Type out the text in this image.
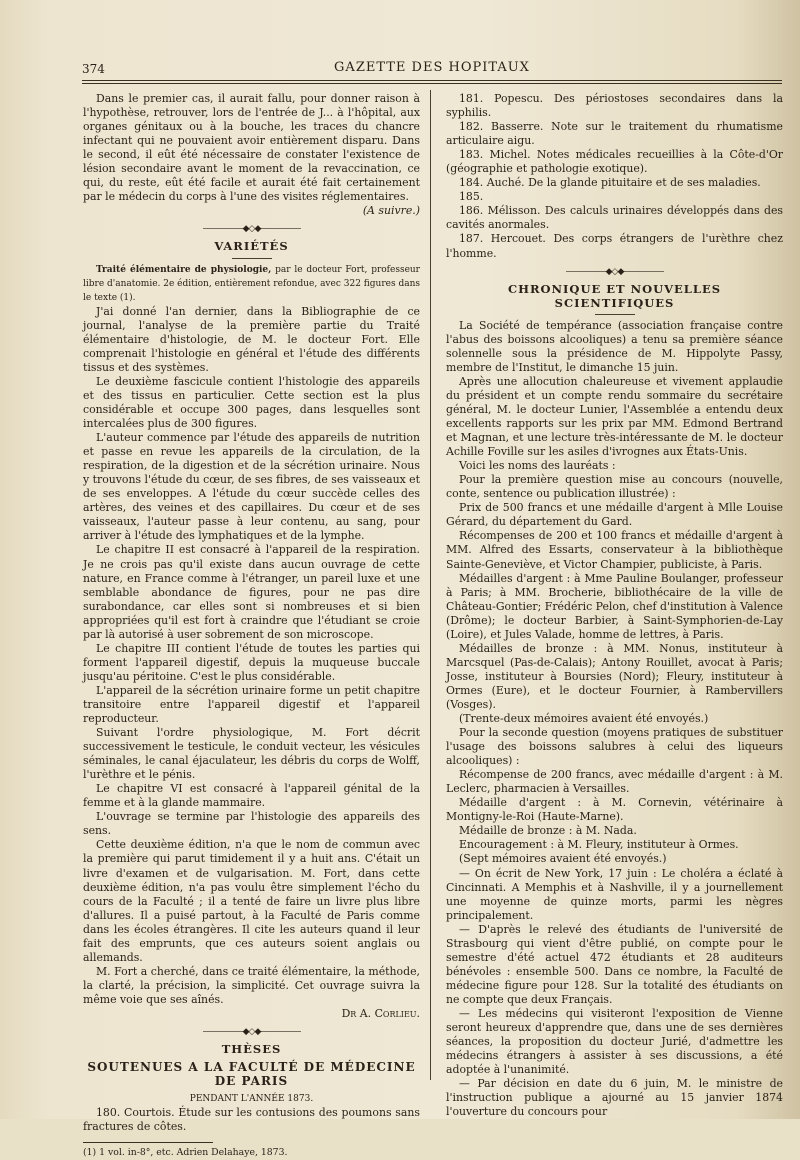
374	GAZETTE DES HOPITAUX

Dans le premier cas, il aurait fallu, pour donner raison à l'hypothèse, retrouver, lors de l'entrée de J... à l'hôpital, aux organes génitaux ou à la bouche, les traces du chancre infectant qui ne pouvaient avoir entièrement disparu. Dans le second, il eût été nécessaire de constater l'existence de lésion secondaire avant le moment de la revaccination, ce qui, du reste, eût été facile et aurait été fait certainement par le médecin du corps à l'une des visites réglementaires.

(A suivre.)

—————◆◇◆—————
VARIÉTÉS

Traité élémentaire de physiologie, par le docteur Fort, professeur libre d'anatomie. 2e édition, entièrement refondue, avec 322 figures dans le texte (1).

J'ai donné l'an dernier, dans la Bibliographie de ce journal, l'analyse de la première partie du Traité élémentaire d'histologie, de M. le docteur Fort. Elle comprenait l'histologie en général et l'étude des différents tissus et des systèmes.

Le deuxième fascicule contient l'histologie des appareils et des tissus en particulier. Cette section est la plus considérable et occupe 300 pages, dans lesquelles sont intercalées plus de 300 figures.

L'auteur commence par l'étude des appareils de nutrition et passe en revue les appareils de la circulation, de la respiration, de la digestion et de la sécrétion urinaire. Nous y trouvons l'étude du cœur, de ses fibres, de ses vaisseaux et de ses enveloppes. A l'étude du cœur succède celles des artères, des veines et des capillaires. Du cœur et de ses vaisseaux, l'auteur passe à leur contenu, au sang, pour arriver à l'étude des lymphatiques et de la lymphe.

Le chapitre II est consacré à l'appareil de la respiration. Je ne crois pas qu'il existe dans aucun ouvrage de cette nature, en France comme à l'étranger, un pareil luxe et une semblable abondance de figures, pour ne pas dire surabondance, car elles sont si nombreuses et si bien appropriées qu'il est fort à craindre que l'étudiant se croie par là autorisé à user sobrement de son microscope.

Le chapitre III contient l'étude de toutes les parties qui forment l'appareil digestif, depuis la muqueuse buccale jusqu'au péritoine. C'est le plus considérable.

L'appareil de la sécrétion urinaire forme un petit chapitre transitoire entre l'appareil digestif et l'appareil reproducteur.

Suivant l'ordre physiologique, M. Fort décrit successivement le testicule, le conduit vecteur, les vésicules séminales, le canal éjaculateur, les débris du corps de Wolff, l'urèthre et le pénis.

Le chapitre VI est consacré à l'appareil génital de la femme et à la glande mammaire.

L'ouvrage se termine par l'histologie des appareils des sens.

Cette deuxième édition, n'a que le nom de commun avec la première qui parut timidement il y a huit ans. C'était un livre d'examen et de vulgarisation. M. Fort, dans cette deuxième édition, n'a pas voulu être simplement l'écho du cours de la Faculté ; il a tenté de faire un livre plus libre d'allures. Il a puisé partout, à la Faculté de Paris comme dans les écoles étrangères. Il cite les auteurs quand il leur fait des emprunts, que ces auteurs soient anglais ou allemands.

M. Fort a cherché, dans ce traité élémentaire, la méthode, la clarté, la précision, la simplicité. Cet ouvrage suivra la même voie que ses aînés.

Dr A. Corlieu.

—————◆◇◆—————
THÈSES
SOUTENUES A LA FACULTÉ DE MÉDECINE DE PARIS

PENDANT L'ANNÉE 1873.

180. Courtois. Étude sur les contusions des poumons sans fractures de côtes.

(1) 1 vol. in-8°, etc. Adrien Delahaye, 1873.

181. Popescu. Des périostoses secondaires dans la syphilis.

182. Basserre. Note sur le traitement du rhumatisme articulaire aigu.

183. Michel. Notes médicales recueillies à la Côte-d'Or (géographie et pathologie exotique).

184. Auché. De la glande pituitaire et de ses maladies.

185.

186. Mélisson. Des calculs urinaires développés dans des cavités anormales.

187. Hercouet. Des corps étrangers de l'urèthre chez l'homme.

—————◆◇◆—————
CHRONIQUE ET NOUVELLES SCIENTIFIQUES

La Société de tempérance (association française contre l'abus des boissons alcooliques) a tenu sa première séance solennelle sous la présidence de M. Hippolyte Passy, membre de l'Institut, le dimanche 15 juin.

Après une allocution chaleureuse et vivement applaudie du président et un compte rendu sommaire du secrétaire général, M. le docteur Lunier, l'Assemblée a entendu deux excellents rapports sur les prix par MM. Edmond Bertrand et Magnan, et une lecture très-intéressante de M. le docteur Achille Foville sur les asiles d'ivrognes aux États-Unis.

Voici les noms des lauréats :

Pour la première question mise au concours (nouvelle, conte, sentence ou publication illustrée) :

Prix de 500 francs et une médaille d'argent à Mlle Louise Gérard, du département du Gard.

Récompenses de 200 et 100 francs et médaille d'argent à MM. Alfred des Essarts, conservateur à la bibliothèque Sainte-Geneviève, et Victor Champier, publiciste, à Paris.

Médailles d'argent : à Mme Pauline Boulanger, professeur à Paris; à MM. Brocherie, bibliothécaire de la ville de Château-Gontier; Frédéric Pelon, chef d'institution à Valence (Drôme); le docteur Barbier, à Saint-Symphorien-de-Lay (Loire), et Jules Valade, homme de lettres, à Paris.

Médailles de bronze : à MM. Nonus, instituteur à Marcsquel (Pas-de-Calais); Antony Rouillet, avocat à Paris; Josse, instituteur à Boursies (Nord); Fleury, instituteur à Ormes (Eure), et le docteur Fournier, à Rambervillers (Vosges).

(Trente-deux mémoires avaient été envoyés.)

Pour la seconde question (moyens pratiques de substituer l'usage des boissons salubres à celui des liqueurs alcooliques) :

Récompense de 200 francs, avec médaille d'argent : à M. Leclerc, pharmacien à Versailles.

Médaille d'argent : à M. Cornevin, vétérinaire à Montigny-le-Roi (Haute-Marne).

Médaille de bronze : à M. Nada.

Encouragement : à M. Fleury, instituteur à Ormes.

(Sept mémoires avaient été envoyés.)

— On écrit de New York, 17 juin : Le choléra a éclaté à Cincinnati. A Memphis et à Nashville, il y a journellement une moyenne de quinze morts, parmi les nègres principalement.

— D'après le relevé des étudiants de l'université de Strasbourg qui vient d'être publié, on compte pour le semestre d'été actuel 472 étudiants et 28 auditeurs bénévoles : ensemble 500. Dans ce nombre, la Faculté de médecine figure pour 128. Sur la totalité des étudiants on ne compte que deux Français.

— Les médecins qui visiteront l'exposition de Vienne seront heureux d'apprendre que, dans une de ses dernières séances, la proposition du docteur Jurié, d'admettre les médecins étrangers à assister à ses discussions, a été adoptée à l'unanimité.

— Par décision en date du 6 juin, M. le ministre de l'instruction publique a ajourné au 15 janvier 1874 l'ouverture du concours pour
